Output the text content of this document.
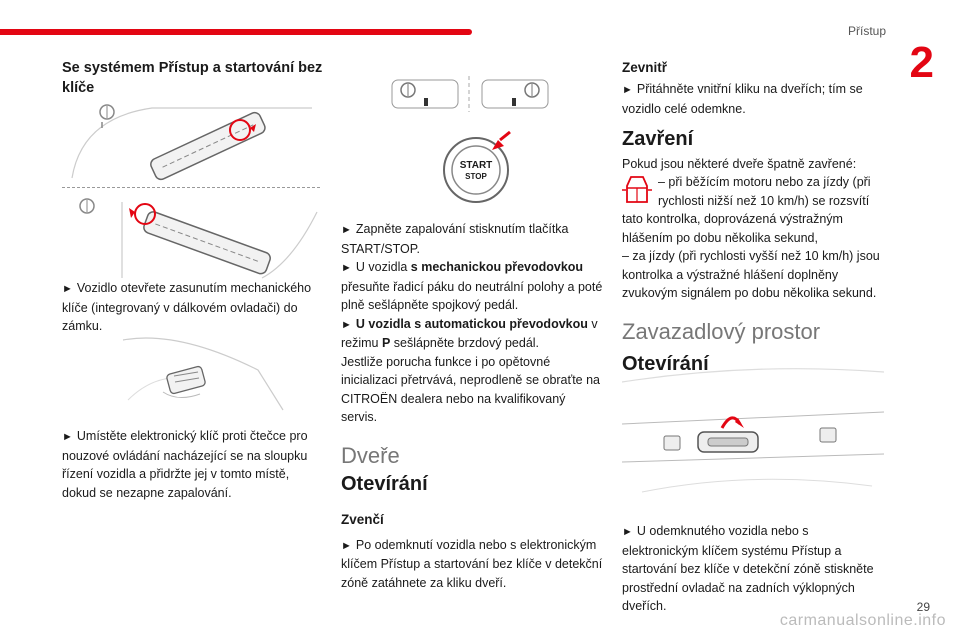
Přístup
2
Se systémem Přístup a startování bez klíče

► Vozidlo otevřete zasunutím mechanického klíče (integrovaný v dálkovém ovladači) do zámku.

► Umístěte elektronický klíč proti čtečce pro nouzové ovládání nacházející se na sloupku řízení vozidla a přidržte jej v tomto místě, dokud se nezapne zapalování.

START
STOP

► Zapněte zapalování stisknutím tlačítka START/STOP.

► U vozidla s mechanickou převodovkou přesuňte řadicí páku do neutrální polohy a poté plně sešlápněte spojkový pedál.

► U vozidla s automatickou převodovkou v režimu P sešlápněte brzdový pedál.

Jestliže porucha funkce i po opětovné inicializaci přetrvává, neprodleně se obraťte na CITROËN dealera nebo na kvalifikovaný servis.

Dveře
Otevírání
Zvenčí

► Po odemknutí vozidla nebo s elektronickým klíčem Přístup a startování bez klíče v detekční zóně zatáhnete za kliku dveří.

Zevnitř

► Přitáhněte vnitřní kliku na dveřích; tím se vozidlo celé odemkne.

Zavření

Pokud jsou některé dveře špatně zavřené:

– při běžícím motoru nebo za jízdy (při rychlosti nižší než 10 km/h) se rozsvítí

tato kontrolka, doprovázená výstražným hlášením po dobu několika sekund,

– za jízdy (při rychlosti vyšší než 10 km/h) jsou kontrolka a výstražné hlášení doplněny zvukovým signálem po dobu několika sekund.

Zavazadlový prostor
Otevírání

► U odemknutého vozidla nebo s elektronickým klíčem systému Přístup a startování bez klíče v detekční zóně stiskněte prostřední ovladač na zadních výklopných dveřích.

carmanualsonline.info
29
